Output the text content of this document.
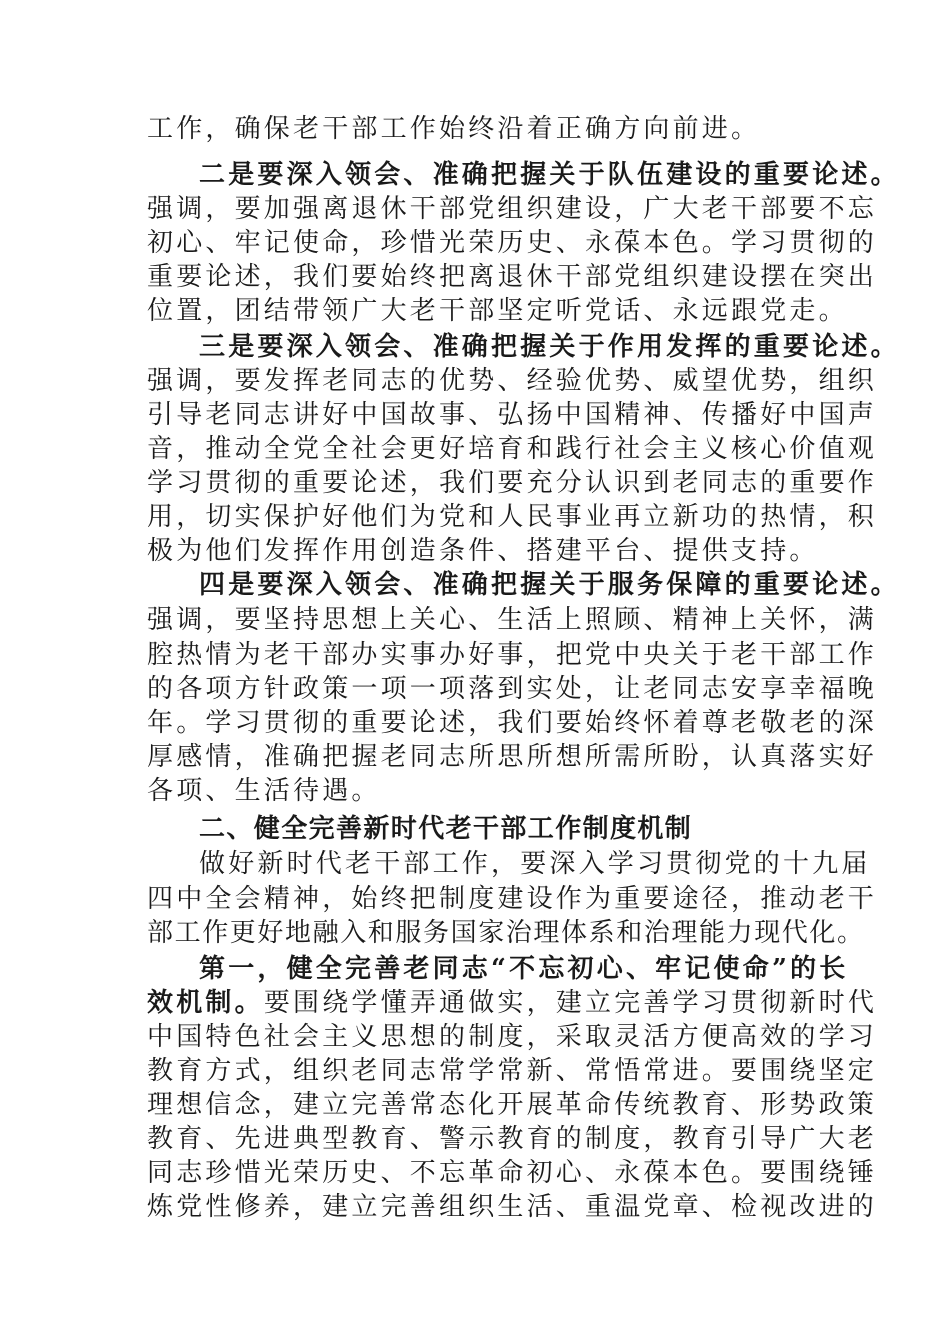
工作，确保老干部工作始终沿着正确方向前进。
二是要深入领会、准确把握关于队伍建设的重要论述。
强调，要加强离退休干部党组织建设，广大老干部要不忘
初心、牢记使命，珍惜光荣历史、永葆本色。学习贯彻的
重要论述，我们要始终把离退休干部党组织建设摆在突出
位置，团结带领广大老干部坚定听党话、永远跟党走。
三是要深入领会、准确把握关于作用发挥的重要论述。
强调，要发挥老同志的优势、经验优势、威望优势，组织
引导老同志讲好中国故事、弘扬中国精神、传播好中国声
音，推动全党全社会更好培育和践行社会主义核心价值观
学习贯彻的重要论述，我们要充分认识到老同志的重要作
用，切实保护好他们为党和人民事业再立新功的热情，积
极为他们发挥作用创造条件、搭建平台、提供支持。
四是要深入领会、准确把握关于服务保障的重要论述。
强调，要坚持思想上关心、生活上照顾、精神上关怀，满
腔热情为老干部办实事办好事，把党中央关于老干部工作
的各项方针政策一项一项落到实处，让老同志安享幸福晚
年。学习贯彻的重要论述，我们要始终怀着尊老敬老的深
厚感情，准确把握老同志所思所想所需所盼，认真落实好
各项、生活待遇。
二、健全完善新时代老干部工作制度机制
做好新时代老干部工作，要深入学习贯彻党的十九届
四中全会精神，始终把制度建设作为重要途径，推动老干
部工作更好地融入和服务国家治理体系和治理能力现代化。
第一，健全完善老同志“不忘初心、牢记使命”的长
效机制。要围绕学懂弄通做实，建立完善学习贯彻新时代
中国特色社会主义思想的制度，采取灵活方便高效的学习
教育方式，组织老同志常学常新、常悟常进。要围绕坚定
理想信念，建立完善常态化开展革命传统教育、形势政策
教育、先进典型教育、警示教育的制度，教育引导广大老
同志珍惜光荣历史、不忘革命初心、永葆本色。要围绕锤
炼党性修养，建立完善组织生活、重温党章、检视改进的
